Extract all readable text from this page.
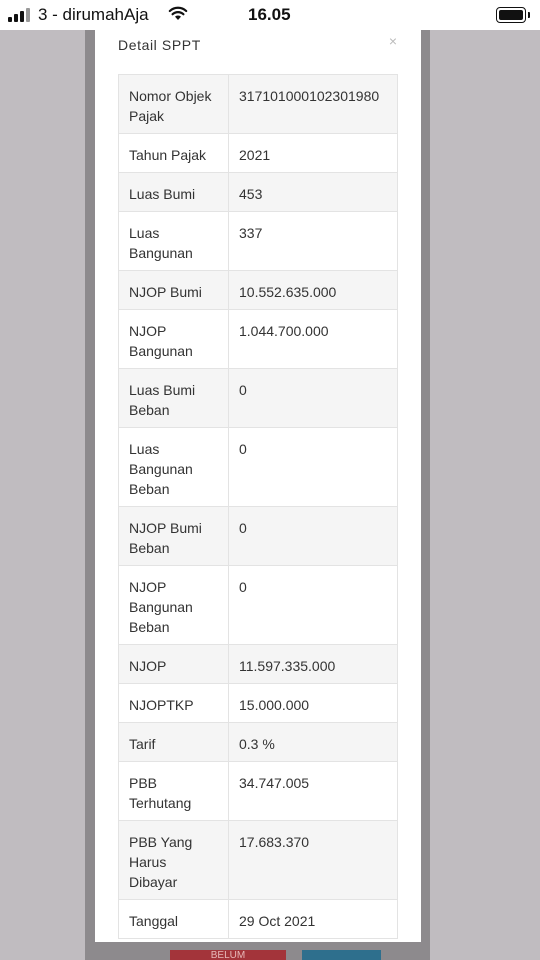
3 - dirumahAja	16.05
BELUM
Detail SPPT	×
Nomor Objek Pajak	317101000102301980
Tahun Pajak	2021
Luas Bumi	453
Luas Bangunan	337
NJOP Bumi	10.552.635.000
NJOP Bangunan	1.044.700.000
Luas Bumi Beban	0
Luas Bangunan Beban	0
NJOP Bumi Beban	0
NJOP Bangunan Beban	0
NJOP	11.597.335.000
NJOPTKP	15.000.000
Tarif	0.3 %
PBB Terhutang	34.747.005
PBB Yang Harus Dibayar	17.683.370
Tanggal	29 Oct 2021
